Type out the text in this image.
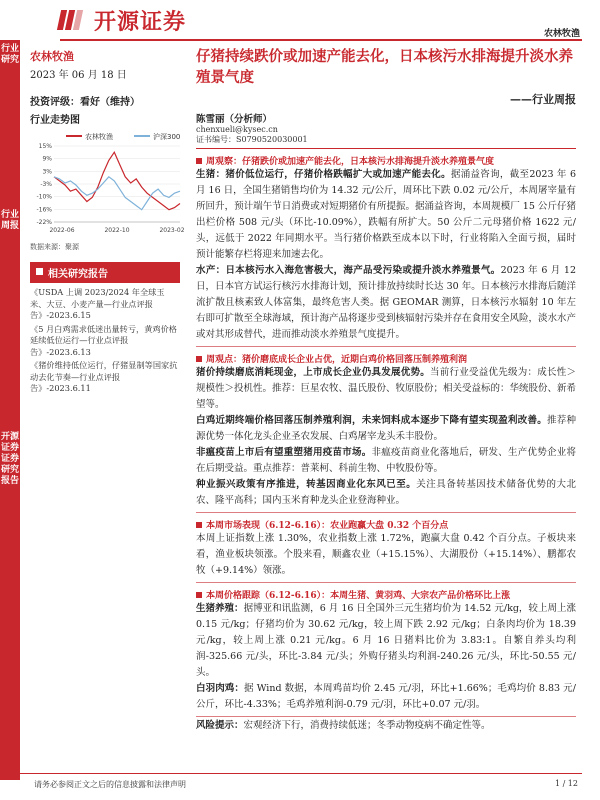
开源证券	农林牧渔
行业研究
行业周报
开源证券 证券研究报告
农林牧渔
2023 年 06 月 18 日
投资评级：看好（维持）
行业走势图
农林牧渔	沪深300
15%
9%
3%
-3%
-10%
-16%
-22%
2022-06	2022-10	2023-02
数据来源：聚源
相关研究报告
《USDA 上调 2023/2024 年全球玉米、大豆、小麦产量—行业点评报告》-2023.6.15
《5 月白鸡需求低迷出量转亏，黄鸡价格延续低位运行—行业点评报告》-2023.6.13
《猪价维持低位运行，仔猪显制等国家抗动去化节奏—行业点评报告》-2023.6.11
仔猪持续跌价或加速产能去化，日本核污水排海提升淡水养殖景气度
——行业周报
陈雪丽（分析师）
chenxueli@kysec.cn
证书编号：S0790520030001
周观察：仔猪跌价或加速产能去化，日本核污水排海提升淡水养殖景气度
生猪：猪价低位运行，仔猪价格跌幅扩大或加速产能去化。据涌益咨询，截至2023 年 6 月 16 日，全国生猪销售均价为 14.32 元/公斤，周环比下跌 0.02 元/公斤，本周屠宰量有所回升，预计端午节日消费或对短期猪价有所提振。据涌益咨询，本周规模厂 15 公斤仔猪出栏价格 508 元/头（环比-10.09%），跌幅有所扩大。50 公斤二元母猪价格 1622 元/头，远低于 2022 年同期水平。当行猪价格跌至成本以下时，行业将陷入全面亏损，届时预计能繁存栏将迎来加速去化。
水产：日本核污水入海危害极大，海产品受污染或提升淡水养殖景气。2023 年 6 月 12 日，日本官方试运行核污水排海计划，预计排放持续时长达 30 年。日本核污水排海后随洋流扩散且核素致人体富集，最终危害人类。据 GEOMAR 测算，日本核污水辐射 10 年左右即可扩散至全球海域，预计海产品将逐步受到核辐射污染并存在食用安全风险，淡水水产或对其形成替代，进而推动淡水养殖景气度提升。
周观点：猪价磨底成长企业占优，近期白鸡价格回落压制养殖利润
猪价持续磨底消耗现金，上市成长企业仍具发展优势。当前行业受益优先级为：成长性＞规模性＞投机性。推荐：巨星农牧、温氏股份、牧原股份；相关受益标的：华统股份、新希望等。
白鸡近期终端价格回落压制养殖利润，未来饲料成本逐步下降有望实现盈利改善。推荐种源优势一体化龙头企业圣农发展、白鸡屠宰龙头禾丰股份。
非瘟疫苗上市后有望重塑猪用疫苗市场。非瘟疫苗商业化落地后，研发、生产优势企业将在后期受益。重点推荐：普莱柯、科前生物、中牧股份等。
种业振兴政策有序推进，转基因商业化东风已至。关注具备转基因技术储备优势的大北农、隆平高科；国内玉米育种龙头企业登海种业。
本周市场表现（6.12-6.16）：农业跑赢大盘 0.32 个百分点
本周上证指数上涨 1.30%，农业指数上涨 1.72%，跑赢大盘 0.42 个百分点。子板块来看，渔业板块领涨。个股来看，顺鑫农业（+15.15%）、大湖股份（+15.14%）、鹏都农牧（+9.14%）领涨。
本周价格跟踪（6.12-6.16）：本周生猪、黄羽鸡、大宗农产品价格环比上涨
生猪养殖：据博亚和讯监测，6 月 16 日全国外三元生猪均价为 14.52 元/kg，较上周上涨 0.15 元/kg；仔猪均价为 30.62 元/kg，较上周下跌 2.92 元/kg；白条肉均价为 18.39 元/kg，较上周上涨 0.21 元/kg。6 月 16 日猪料比价为 3.83:1。自繁自养头均利润-325.66 元/头，环比-3.84 元/头；外购仔猪头均利润-240.26 元/头，环比-50.55 元/头。
白羽肉鸡：据 Wind 数据，本周鸡苗均价 2.45 元/羽，环比+1.66%；毛鸡均价 8.83 元/公斤，环比-4.33%；毛鸡养殖利润-0.79 元/羽，环比+0.07 元/羽。
风险提示：宏观经济下行，消费持续低迷；冬季动物疫病不确定性等。
请务必参阅正文之后的信息披露和法律声明	1 / 12
